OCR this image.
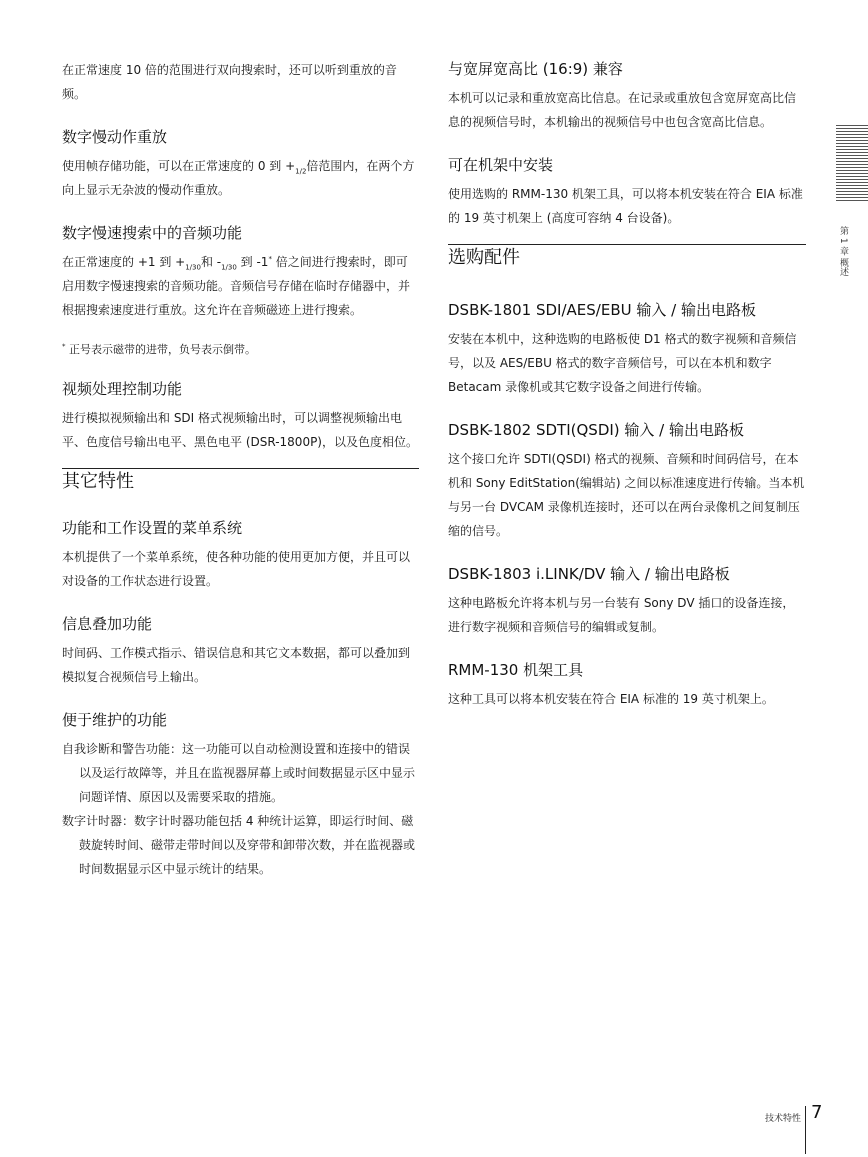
在正常速度 10 倍的范围进行双向搜索时，还可以听到重放的音频。

数字慢动作重放

使用帧存储功能，可以在正常速度的 0 到 $+_{1/2}$倍范围内，在两个方向上显示无杂波的慢动作重放。

数字慢速搜索中的音频功能

在正常速度的 +1 到 $+_{1/30}$和 $-_{1/30}$ 到 -1* 倍之间进行搜索时，即可启用数字慢速搜索的音频功能。音频信号存储在临时存储器中，并根据搜索速度进行重放。这允许在音频磁迹上进行搜索。

* 正号表示磁带的进带，负号表示倒带。

视频处理控制功能

进行模拟视频输出和 SDI 格式视频输出时，可以调整视频输出电平、色度信号输出电平、黑色电平 (DSR-1800P)，以及色度相位。

其它特性
功能和工作设置的菜单系统

本机提供了一个菜单系统，使各种功能的使用更加方便，并且可以对设备的工作状态进行设置。

信息叠加功能

时间码、工作模式指示、错误信息和其它文本数据，都可以叠加到模拟复合视频信号上输出。

便于维护的功能

自我诊断和警告功能：这一功能可以自动检测设置和连接中的错误以及运行故障等，并且在监视器屏幕上或时间数据显示区中显示问题详情、原因以及需要采取的措施。

数字计时器：数字计时器功能包括 4 种统计运算，即运行时间、磁鼓旋转时间、磁带走带时间以及穿带和卸带次数，并在监视器或时间数据显示区中显示统计的结果。

与宽屏宽高比 (16:9) 兼容

本机可以记录和重放宽高比信息。在记录或重放包含宽屏宽高比信息的视频信号时，本机输出的视频信号中也包含宽高比信息。

可在机架中安装

使用选购的 RMM-130 机架工具，可以将本机安装在符合 EIA 标准的 19 英寸机架上 (高度可容纳 4 台设备)。

选购配件
DSBK-1801 SDI/AES/EBU 输入 / 输出电路板

安装在本机中，这种选购的电路板使 D1 格式的数字视频和音频信号，以及 AES/EBU 格式的数字音频信号，可以在本机和数字 Betacam 录像机或其它数字设备之间进行传输。

DSBK-1802 SDTI(QSDI) 输入 / 输出电路板

这个接口允许 SDTI(QSDI) 格式的视频、音频和时间码信号，在本机和 Sony EditStation(编辑站) 之间以标准速度进行传输。当本机与另一台 DVCAM 录像机连接时，还可以在两台录像机之间复制压缩的信号。

DSBK-1803 i.LINK/DV 输入 / 输出电路板

这种电路板允许将本机与另一台装有 Sony DV 插口的设备连接，进行数字视频和音频信号的编辑或复制。

RMM-130 机架工具

这种工具可以将本机安装在符合 EIA 标准的 19 英寸机架上。

第 1 章 概述
技术特性 7
